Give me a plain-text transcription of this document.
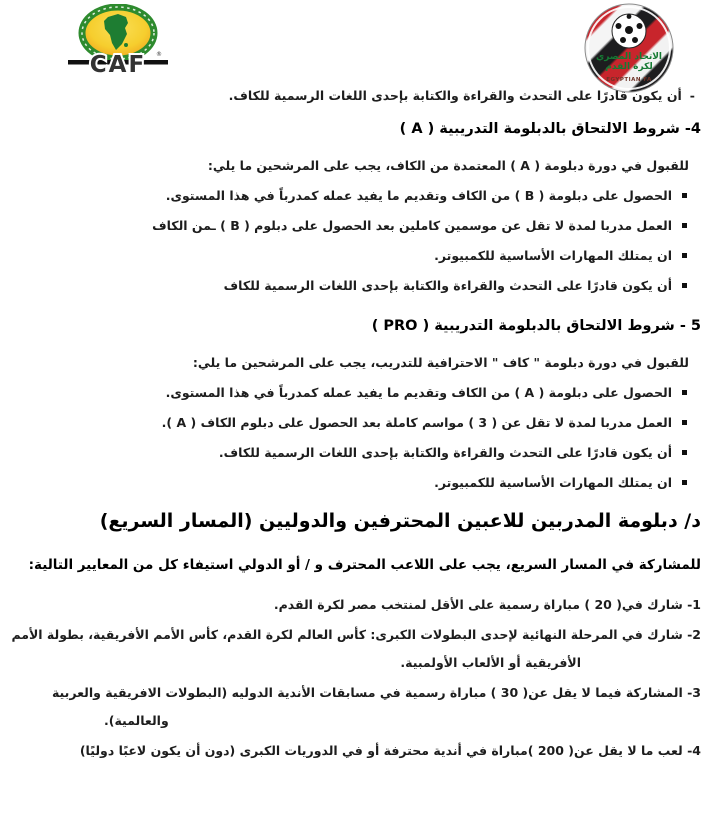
CAF ®	الاتحاد المصري
لكرة القدم
EGYPTIAN FA
-
أن يكون قادرًا على التحدث والقراءة والكتابة بإحدى اللغات الرسمية للكاف.
4- شروط الالتحاق بالدبلومة التدريبية ( A )
للقبول في دورة دبلومة ( A ) المعتمدة من الكاف، يجب على المرشحين ما يلي:
الحصول على دبلومة ( B ) من الكاف وتقديم ما يفيد عمله كمدرباً في هذا المستوى.
العمل مدربا لمدة لا تقل عن موسمين كاملين بعد الحصول على دبلوم ( B ) ـمن الكاف
ان يمتلك المهارات الأساسية للكمبيوتر.
أن يكون قادرًا على التحدث والقراءة والكتابة بإحدى اللغات الرسمية للكاف
5 - شروط الالتحاق بالدبلومة التدريبية ( PRO )
للقبول في دورة دبلومة " كاف " الاحترافية للتدريب، يجب على المرشحين ما يلي:
الحصول على دبلومة ( A ) من الكاف وتقديم ما يفيد عمله كمدرباً في هذا المستوى.
العمل مدربا لمدة لا تقل عن ( 3 ) مواسم كاملة بعد الحصول على دبلوم الكاف ( A ).
أن يكون قادرًا على التحدث والقراءة والكتابة بإحدى اللغات الرسمية للكاف.
ان يمتلك المهارات الأساسية للكمبيوتر.
د/ دبلومة المدربين للاعبين المحترفين والدوليين (المسار السريع)
للمشاركة في المسار السريع، يجب على اللاعب المحترف و / أو الدولي استيفاء كل من المعايير التالية:
1- شارك في( 20 ) مباراة رسمية على الأقل لمنتخب مصر لكرة القدم.
2- شارك في المرحلة النهائية لإحدى البطولات الكبرى: كأس العالم لكرة القدم، كأس الأمم الأفريقية، بطولة الأمم
الأفريقية أو الألعاب الأولمبية.
3- المشاركة فيما لا يقل عن( 30 ) مباراة رسمية في مسابقات الأندية الدوليه (البطولات الافريقية والعربية
والعالمية).
4- لعب ما لا يقل عن( 200 )مباراة في أندية محترفة أو في الدوريات الكبرى (دون أن يكون لاعبًا دوليًا)
